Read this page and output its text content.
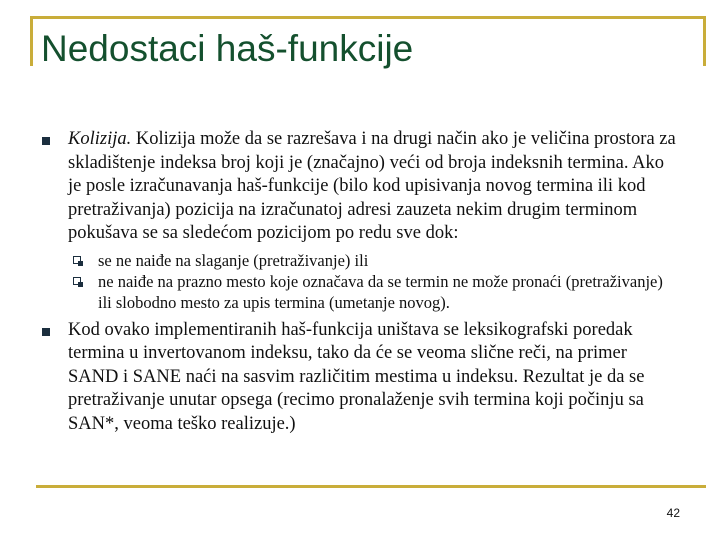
Nedostaci haš-funkcije
Kolizija. Kolizija može da se razrešava i na drugi način ako je veličina prostora za skladištenje indeksa broj koji je (značajno) veći od broja indeksnih termina. Ako je posle izračunavanja haš-funkcije (bilo kod upisivanja novog termina ili kod pretraživanja) pozicija na izračunatoj adresi zauzeta nekim drugim terminom pokušava se sa sledećom pozicijom po redu sve dok:
se ne naiđe na slaganje (pretraživanje) ili
ne naiđe na prazno mesto koje označava da se termin ne može pronaći (pretraživanje) ili slobodno mesto za upis termina (umetanje novog).
Kod ovako implementiranih haš-funkcija uništava se leksikografski poredak termina u invertovanom indeksu, tako da će se veoma slične reči, na primer SAND i SANE naći na sasvim različitim mestima u indeksu. Rezultat je da se pretraživanje unutar opsega (recimo pronalaženje svih termina koji počinju sa SAN*, veoma teško realizuje.)
42
